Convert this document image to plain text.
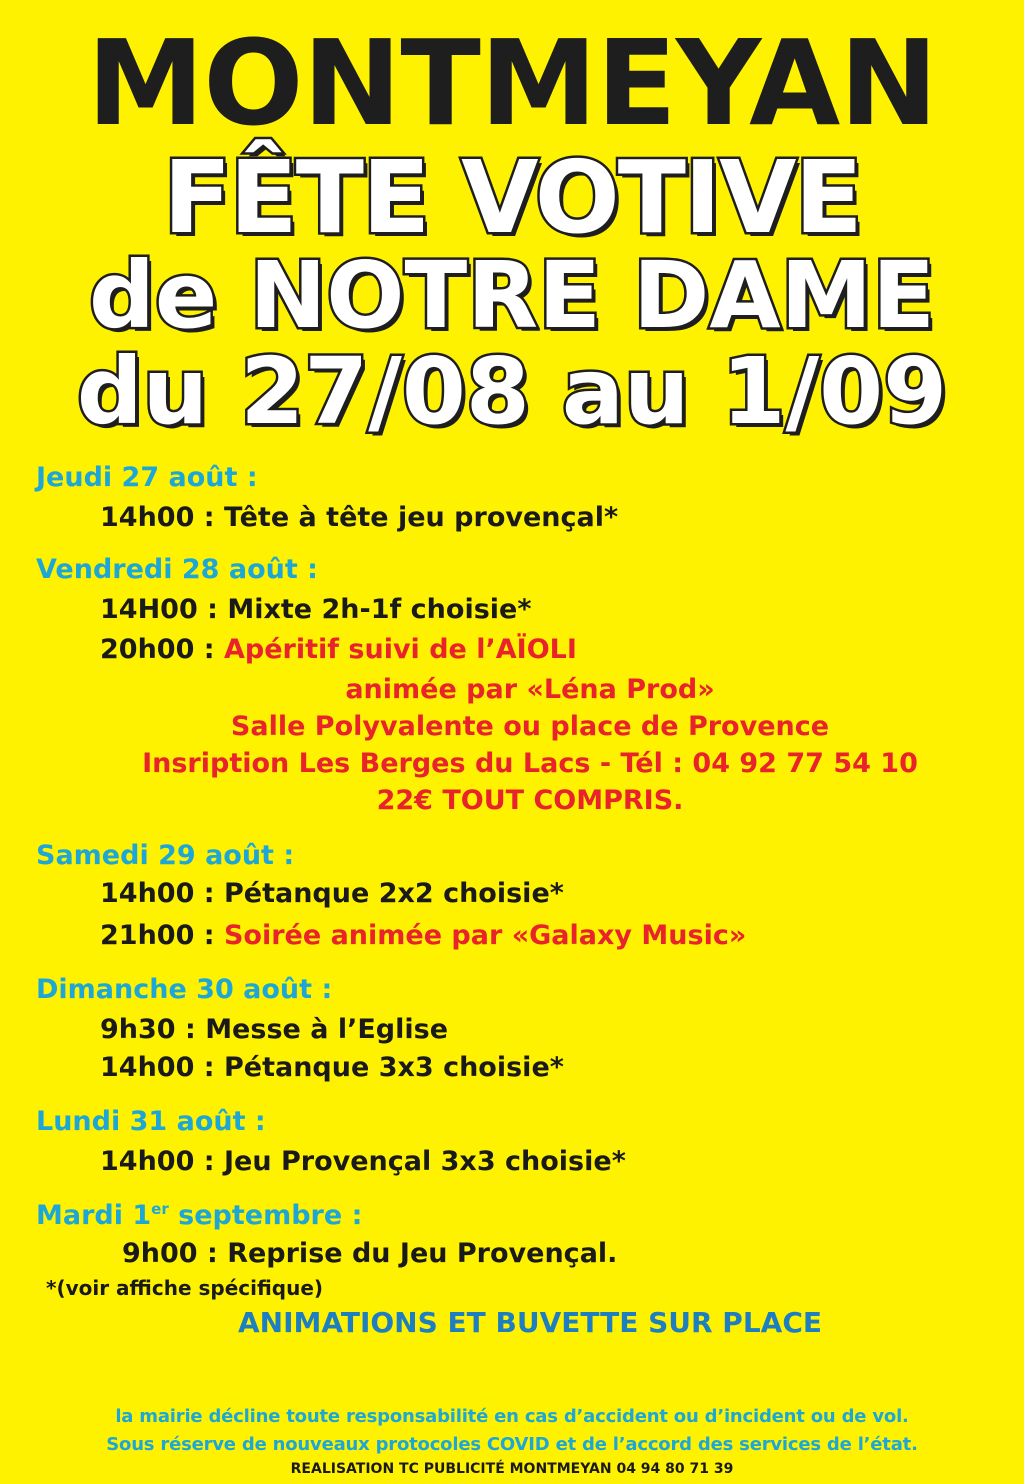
MONTMEYAN
FÊTE VOTIVE
de NOTRE DAME
du 27/08 au 1/09
Jeudi 27 août :
14h00 : Tête à tête jeu provençal*
Vendredi 28 août :
14H00 : Mixte 2h-1f choisie*
20h00 : Apéritif suivi de l’AÏOLI
animée par «Léna Prod»
Salle Polyvalente ou place de Provence
Insription Les Berges du Lacs - Tél : 04 92 77 54 10
22€ TOUT COMPRIS.
Samedi 29 août :
14h00 : Pétanque 2x2 choisie*
21h00 : Soirée animée par «Galaxy Music»
Dimanche 30 août :
9h30 : Messe à l’Eglise
14h00 : Pétanque 3x3 choisie*
Lundi 31 août :
14h00 : Jeu Provençal 3x3 choisie*
Mardi 1er septembre :
9h00 : Reprise du Jeu Provençal.
*(voir affiche spécifique)
ANIMATIONS ET BUVETTE SUR PLACE
la mairie décline toute responsabilité en cas d’accident ou d’incident ou de vol.
Sous réserve de nouveaux protocoles COVID et de l’accord des services de l’état.
REALISATION TC PUBLICITÉ MONTMEYAN 04 94 80 71 39
